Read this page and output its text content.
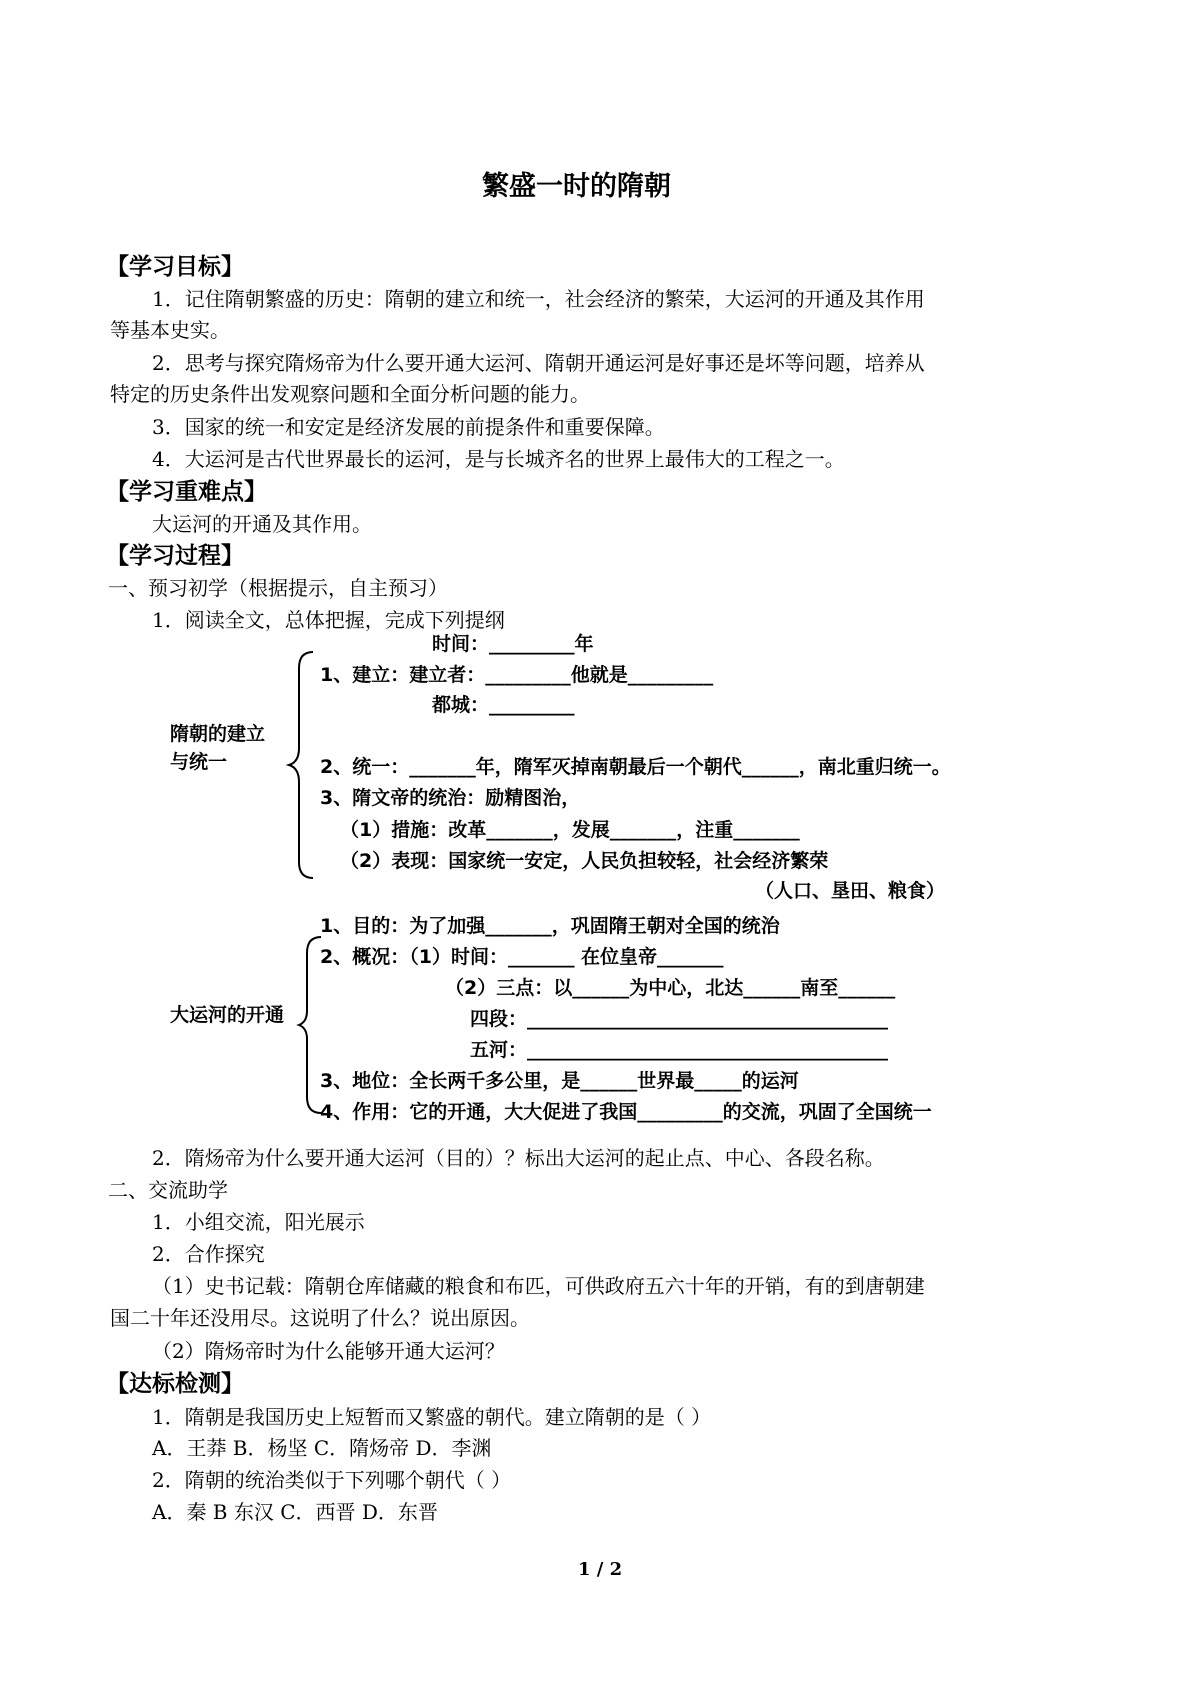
繁盛一时的隋朝
【学习目标】
1．记住隋朝繁盛的历史：隋朝的建立和统一，社会经济的繁荣，大运河的开通及其作用
等基本史实。
2．思考与探究隋炀帝为什么要开通大运河、隋朝开通运河是好事还是坏等问题，培养从
特定的历史条件出发观察问题和全面分析问题的能力。
3．国家的统一和安定是经济发展的前提条件和重要保障。
4．大运河是古代世界最长的运河，是与长城齐名的世界上最伟大的工程之一。
【学习重难点】
大运河的开通及其作用。
【学习过程】
一、预习初学（根据提示，自主预习）
1．阅读全文，总体把握，完成下列提纲
隋朝的建立
与统一
时间：_________年
1、建立：建立者：_________他就是_________
都城：_________
2、统一：_______年，隋军灭掉南朝最后一个朝代______，南北重归统一。
3、隋文帝的统治：励精图治，
（1）措施：改革_______，发展_______，注重_______
（2）表现：国家统一安定，人民负担较轻，社会经济繁荣
（人口、垦田、粮食）
大运河的开通
1、目的：为了加强_______，巩固隋王朝对全国的统治
2、概况：（1）时间：_______ 在位皇帝_______
（2）三点：以______为中心，北达______南至______
四段：______________________________________
五河：______________________________________
3、地位：全长两千多公里，是______世界最_____的运河
4、作用：它的开通，大大促进了我国_________的交流，巩固了全国统一
2．隋炀帝为什么要开通大运河（目的）？标出大运河的起止点、中心、各段名称。
二、交流助学
1．小组交流，阳光展示
2．合作探究
（1）史书记载：隋朝仓库储藏的粮食和布匹，可供政府五六十年的开销，有的到唐朝建
国二十年还没用尽。这说明了什么？说出原因。
（2）隋炀帝时为什么能够开通大运河？
【达标检测】
1．隋朝是我国历史上短暂而又繁盛的朝代。建立隋朝的是（ ）
A．王莽 B．杨坚 C．隋炀帝 D．李渊
2．隋朝的统治类似于下列哪个朝代（ ）
A．秦 B 东汉 C．西晋 D．东晋
1 / 2
